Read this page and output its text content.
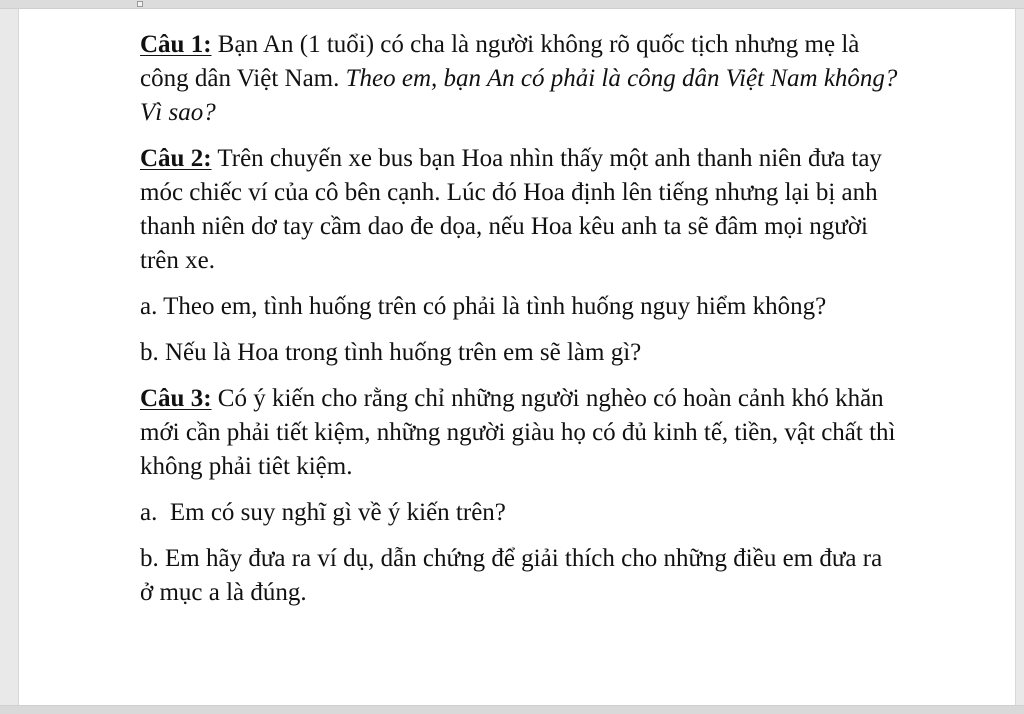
Câu 1: Bạn An (1 tuổi) có cha là người không rõ quốc tịch nhưng mẹ là công dân Việt Nam. Theo em, bạn An có phải là công dân Việt Nam không? Vì sao?

Câu 2: Trên chuyến xe bus bạn Hoa nhìn thấy một anh thanh niên đưa tay móc chiếc ví của cô bên cạnh. Lúc đó Hoa định lên tiếng nhưng lại bị anh thanh niên dơ tay cầm dao đe dọa, nếu Hoa kêu anh ta sẽ đâm mọi người trên xe.

a. Theo em, tình huống trên có phải là tình huống nguy hiểm không?

b. Nếu là Hoa trong tình huống trên em sẽ làm gì?

Câu 3: Có ý kiến cho rằng chỉ những người nghèo có hoàn cảnh khó khăn  mới cần phải tiết kiệm, những người giàu họ có đủ kinh tế, tiền, vật chất thì không phải tiêt kiệm.

a.  Em có suy nghĩ gì về ý kiến trên?

b. Em hãy đưa ra ví dụ, dẫn chứng để giải thích cho những điều em đưa ra ở mục a là đúng.
